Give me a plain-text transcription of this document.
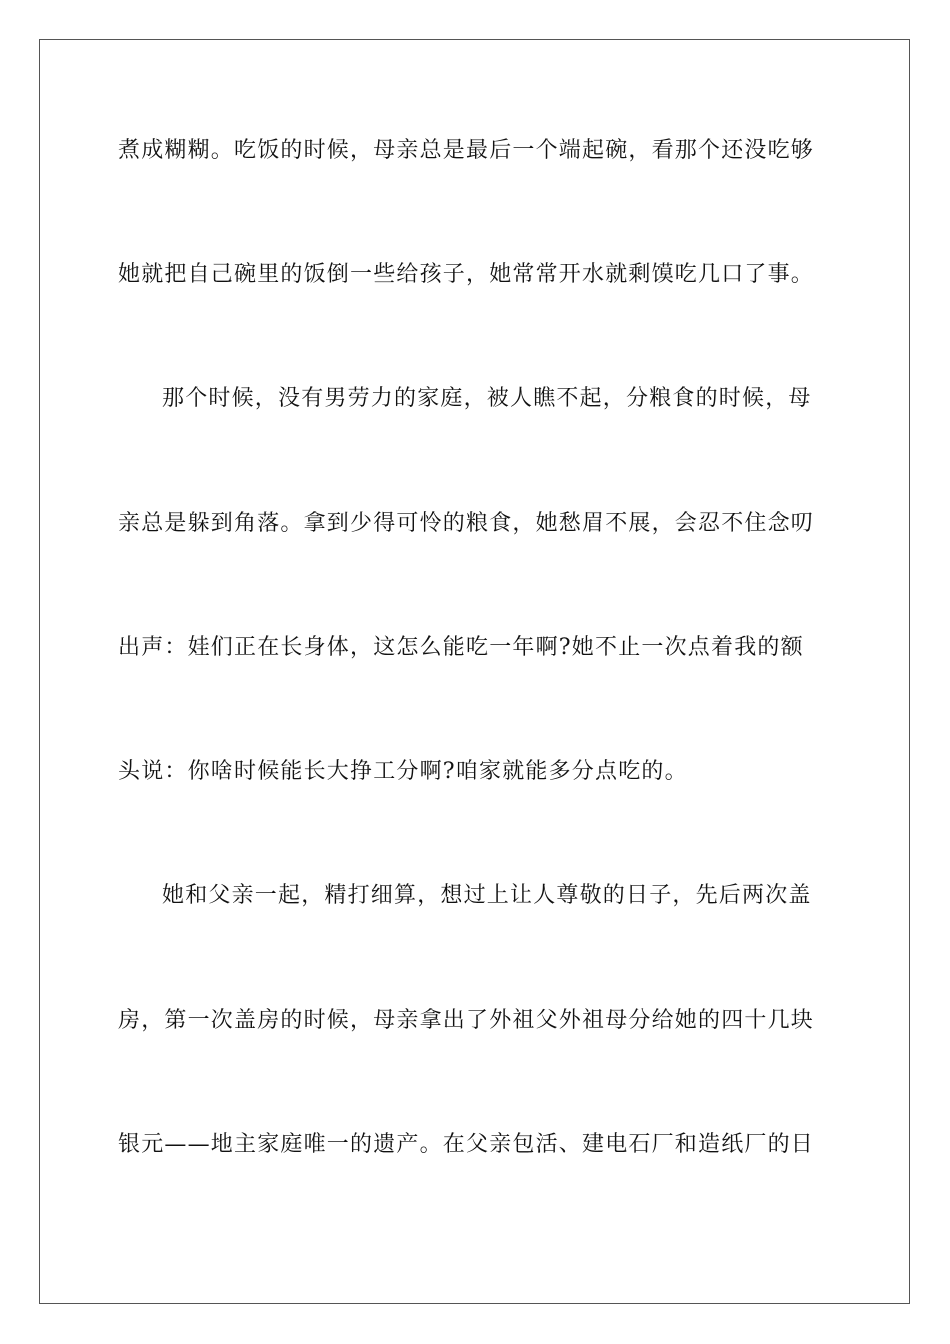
煮成糊糊。吃饭的时候，母亲总是最后一个端起碗，看那个还没吃够
她就把自己碗里的饭倒一些给孩子，她常常开水就剩馍吃几口了事。
那个时候，没有男劳力的家庭，被人瞧不起，分粮食的时候，母
亲总是躲到角落。拿到少得可怜的粮食，她愁眉不展，会忍不住念叨
出声：娃们正在长身体，这怎么能吃一年啊?她不止一次点着我的额
头说：你啥时候能长大挣工分啊?咱家就能多分点吃的。
她和父亲一起，精打细算，想过上让人尊敬的日子，先后两次盖
房，第一次盖房的时候，母亲拿出了外祖父外祖母分给她的四十几块
银元——地主家庭唯一的遗产。在父亲包活、建电石厂和造纸厂的日
